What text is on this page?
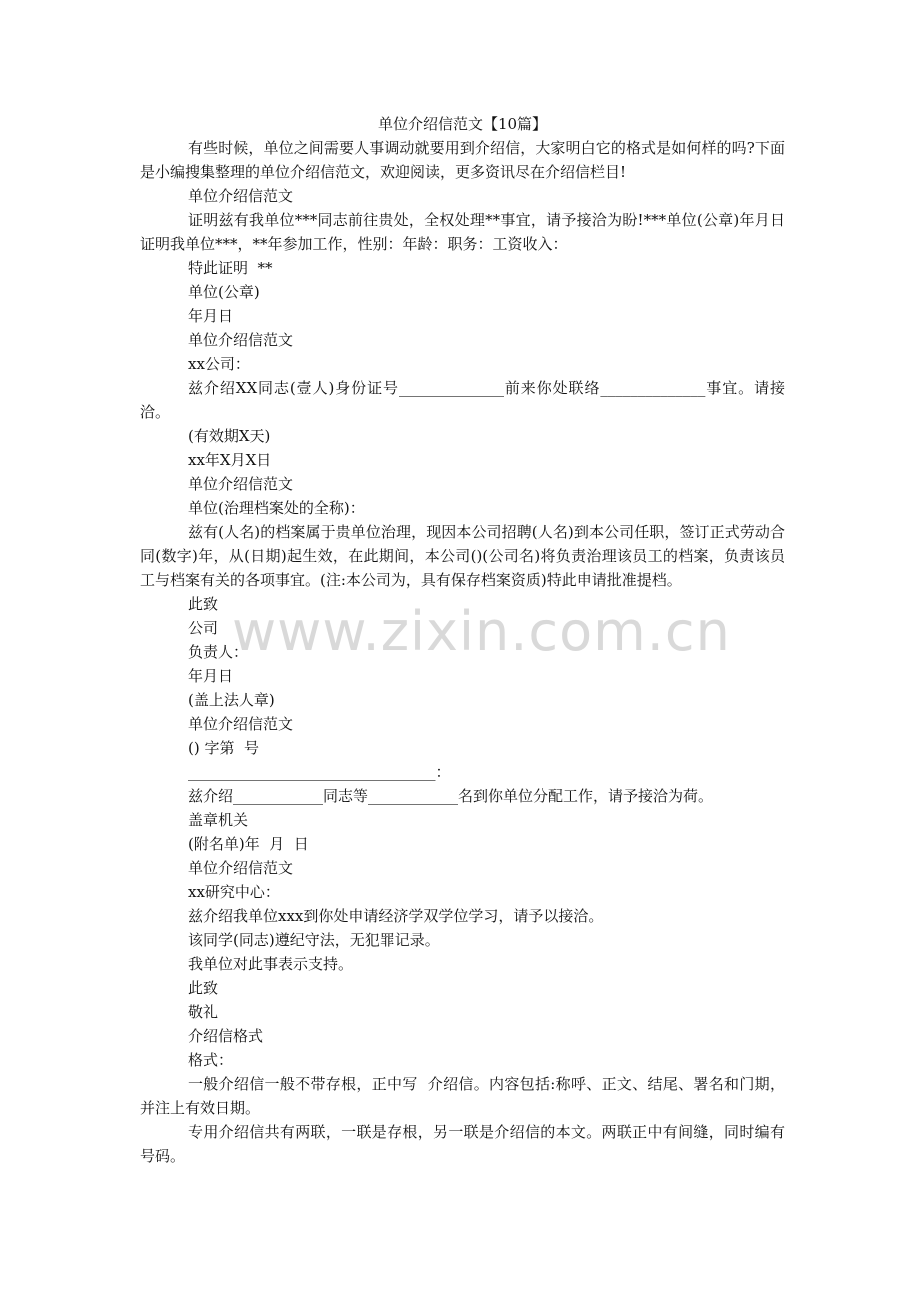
单位介绍信范文【10篇】

有些时候，单位之间需要人事调动就要用到介绍信，大家明白它的格式是如何样的吗?下面是小编搜集整理的单位介绍信范文，欢迎阅读，更多资讯尽在介绍信栏目!

单位介绍信范文

证明兹有我单位***同志前往贵处，全权处理**事宜，请予接洽为盼!***单位(公章)年月日证明我单位***，**年参加工作，性别：年龄：职务：工资收入：

特此证明  **

单位(公章)

年月日

单位介绍信范文

xx公司：

兹介绍XX同志(壹人)身份证号______________前来你处联络______________事宜。请接洽。

(有效期X天)

xx年X月X日

单位介绍信范文

单位(治理档案处的全称)：

兹有(人名)的档案属于贵单位治理，现因本公司招聘(人名)到本公司任职，签订正式劳动合同(数字)年，从(日期)起生效，在此期间，本公司()(公司名)将负责治理该员工的档案，负责该员工与档案有关的各项事宜。(注:本公司为，具有保存档案资质)特此申请批准提档。

此致

公司

负责人：

年月日

(盖上法人章)

单位介绍信范文

() 字第  号

_________________________________：

兹介绍____________同志等____________名到你单位分配工作，请予接洽为荷。

盖章机关

(附名单)年  月  日

单位介绍信范文

xx研究中心：

兹介绍我单位xxx到你处申请经济学双学位学习，请予以接洽。

该同学(同志)遵纪守法，无犯罪记录。

我单位对此事表示支持。

此致

敬礼

介绍信格式

格式：

一般介绍信一般不带存根，正中写  介绍信。内容包括:称呼、正文、结尾、署名和门期，并注上有效日期。

专用介绍信共有两联，一联是存根，另一联是介绍信的本文。两联正中有间缝，同时编有号码。

www.zixin.com.cn
